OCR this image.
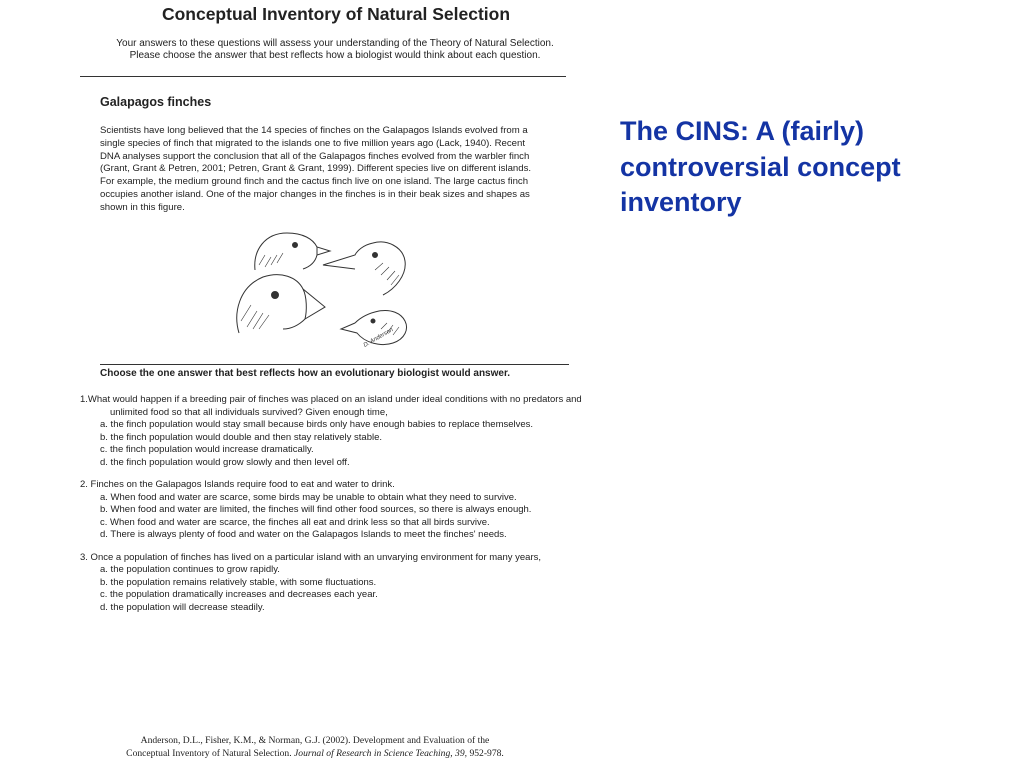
Conceptual Inventory of Natural Selection
Your answers to these questions will assess your understanding of the Theory of Natural Selection.
Please choose the answer that best reflects how a biologist would think about each question.
Galapagos finches
Scientists have long believed that the 14 species of finches on the Galapagos Islands evolved from a single species of finch that migrated to the islands one to five million years ago (Lack, 1940). Recent DNA analyses support the conclusion that all of the Galapagos finches evolved from the warbler finch (Grant, Grant & Petren, 2001; Petren, Grant & Grant, 1999). Different species live on different islands. For example, the medium ground finch and the cactus finch live on one island. The large cactus finch occupies another island. One of the major changes in the finches is in their beak sizes and shapes as shown in this figure.
D. Anderson
Choose the one answer that best reflects how an evolutionary biologist would answer.
1.What would happen if a breeding pair of finches was placed on an island under ideal conditions with no predators and unlimited food so that all individuals survived? Given enough time,
a. the finch population would stay small because birds only have enough babies to replace themselves.
b. the finch population would double and then stay relatively stable.
c. the finch population would increase dramatically.
d. the finch population would grow slowly and then level off.
2. Finches on the Galapagos Islands require food to eat and water to drink.
a. When food and water are scarce, some birds may be unable to obtain what they need to survive.
b. When food and water are limited, the finches will find other food sources, so there is always enough.
c. When food and water are scarce, the finches all eat and drink less so that all birds survive.
d. There is always plenty of food and water on the Galapagos Islands to meet the finches' needs.
3. Once a population of finches has lived on a particular island with an unvarying environment for many years,
a. the population continues to grow rapidly.
b. the population remains relatively stable, with some fluctuations.
c. the population dramatically increases and decreases each year.
d. the population will decrease steadily.
Anderson, D.L., Fisher, K.M., & Norman, G.J. (2002). Development and Evaluation of the
Conceptual Inventory of Natural Selection. Journal of Research in Science Teaching, 39, 952-978.
The CINS: A (fairly) controversial concept inventory
